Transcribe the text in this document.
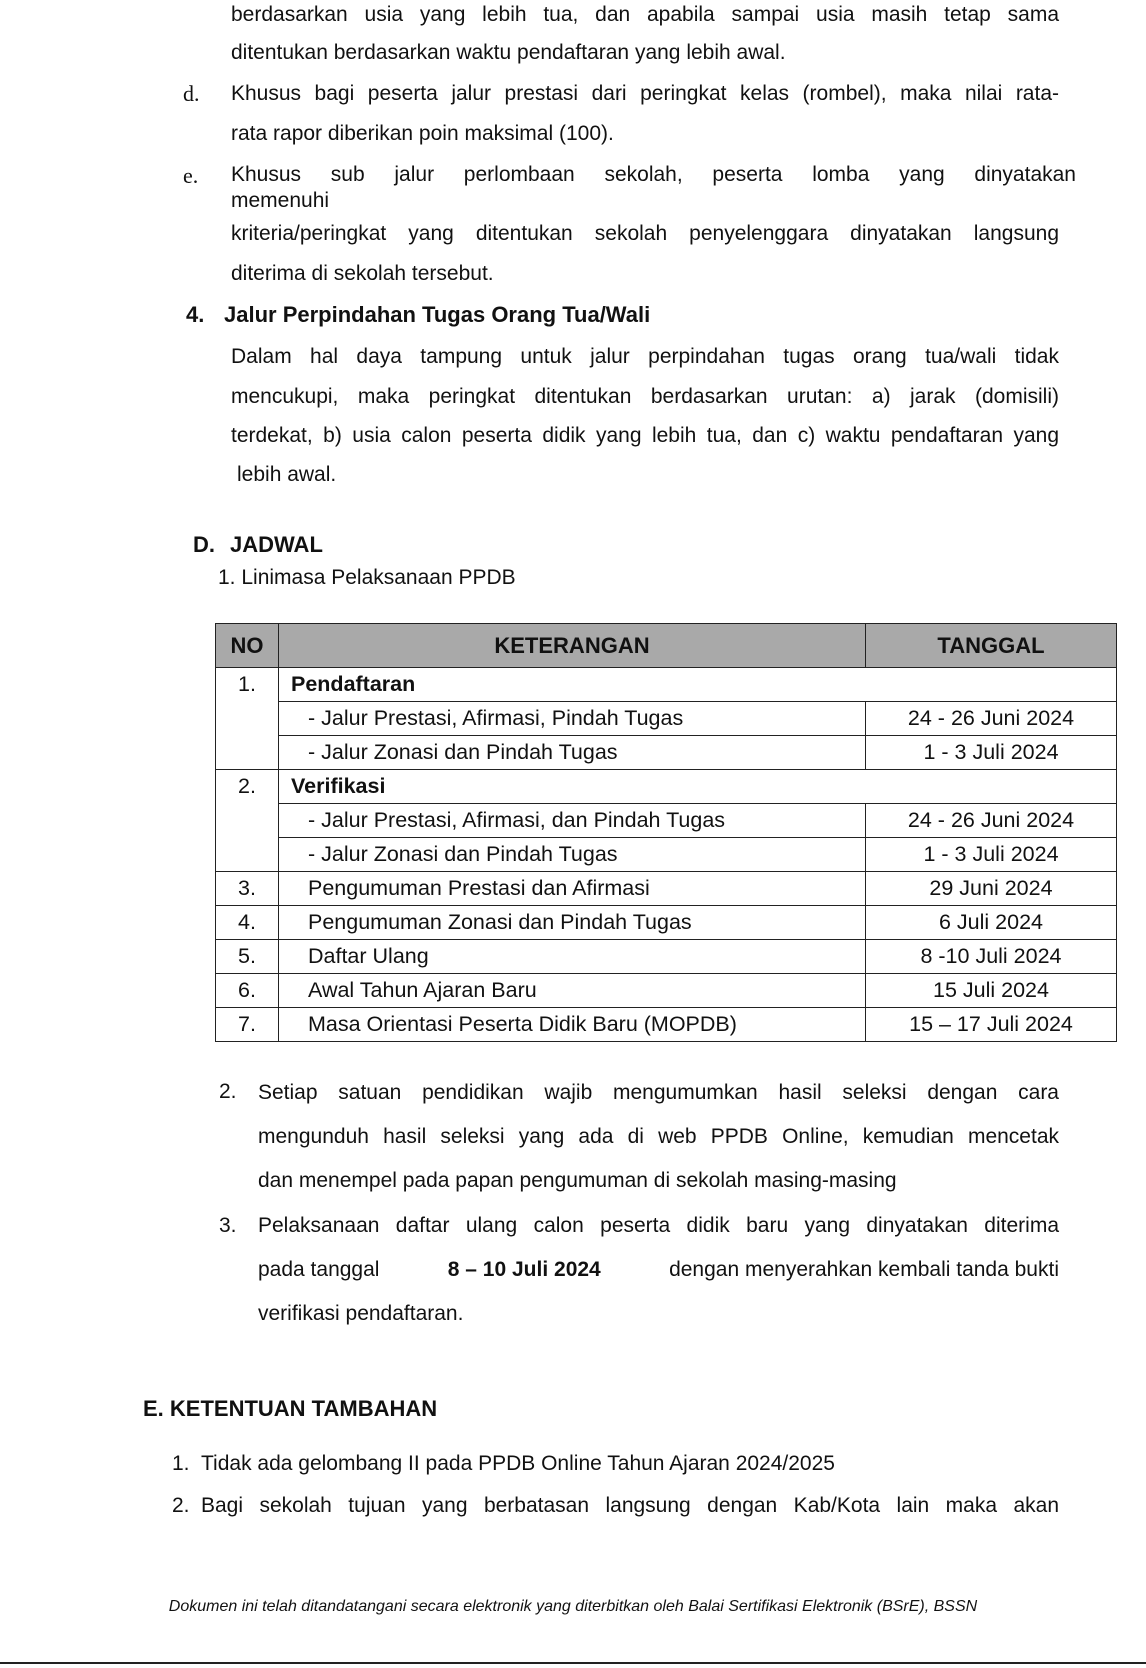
berdasarkan usia yang lebih tua, dan apabila sampai usia masih tetap sama
ditentukan berdasarkan waktu pendaftaran yang lebih awal.
d. Khusus bagi peserta jalur prestasi dari peringkat kelas (rombel), maka nilai rata-
rata rapor diberikan poin maksimal (100).
e. Khusus sub jalur perlombaan sekolah, peserta lomba yang dinyatakan
memenuhi
kriteria/peringkat yang ditentukan sekolah penyelenggara dinyatakan langsung
diterima di sekolah tersebut.
4. Jalur Perpindahan Tugas Orang Tua/Wali
Dalam hal daya tampung untuk jalur perpindahan tugas orang tua/wali tidak
mencukupi, maka peringkat ditentukan berdasarkan urutan: a) jarak (domisili)
terdekat, b) usia calon peserta didik yang lebih tua, dan c) waktu pendaftaran yang
lebih awal.
D. JADWAL
1. Linimasa Pelaksanaan PPDB
NO	KETERANGAN	TANGGAL
1.	Pendaftaran	
	- Jalur Prestasi, Afirmasi, Pindah Tugas	24 - 26 Juni 2024
	- Jalur Zonasi dan Pindah Tugas	1 - 3 Juli 2024
2.	Verifikasi	
	- Jalur Prestasi, Afirmasi, dan Pindah Tugas	24 - 26 Juni 2024
	- Jalur Zonasi dan Pindah Tugas	1 - 3 Juli 2024
3.	Pengumuman Prestasi dan Afirmasi	29 Juni 2024
4.	Pengumuman Zonasi dan Pindah Tugas	6 Juli 2024
5.	Daftar Ulang	8 -10 Juli 2024
6.	Awal Tahun Ajaran Baru	15 Juli 2024
7.	Masa Orientasi Peserta Didik Baru (MOPDB)	15 – 17 Juli 2024
2. Setiap satuan pendidikan wajib mengumumkan hasil seleksi dengan cara
mengunduh hasil seleksi yang ada di web PPDB Online, kemudian mencetak
dan menempel pada papan pengumuman di sekolah masing-masing
3. Pelaksanaan daftar ulang calon peserta didik baru yang dinyatakan diterima
pada tanggal	8 – 10 Juli 2024	dengan menyerahkan kembali tanda bukti
verifikasi pendaftaran.
E. KETENTUAN TAMBAHAN
1. Tidak ada gelombang II pada PPDB Online Tahun Ajaran 2024/2025
2. Bagi sekolah tujuan yang berbatasan langsung dengan Kab/Kota lain maka akan
Dokumen ini telah ditandatangani secara elektronik yang diterbitkan oleh Balai Sertifikasi Elektronik (BSrE), BSSN
